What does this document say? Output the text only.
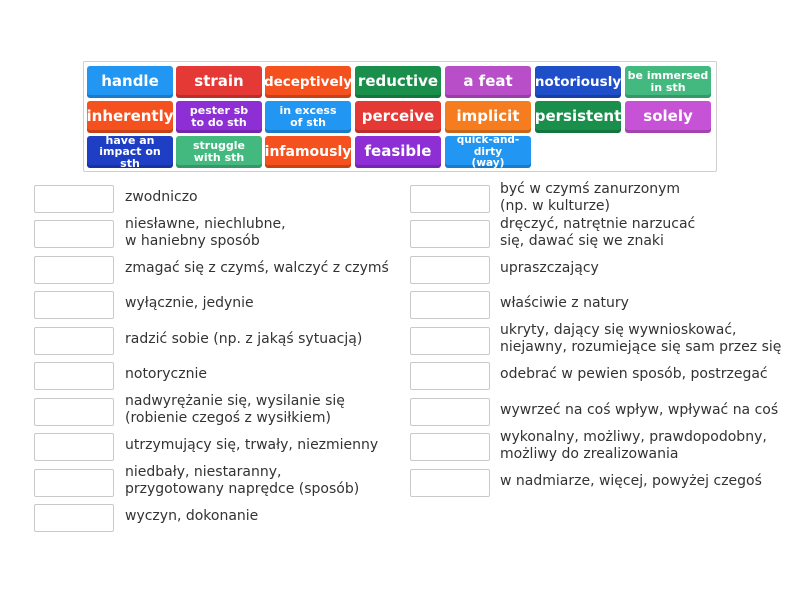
handle	strain	deceptively reductive	a feat	notoriously be immersed
in sth
inherently	pester sb
to do sth
in excess
of sth	perceive	implicit	persistent	solely
have an
impact on sth
struggle
with sth	infamously feasible
quick-and-dirty
(way)
zwodniczo
niesławne, niechlubne,
w haniebny sposób
zmagać się z czymś, walczyć z czymś
wyłącznie, jedynie
radzić sobie (np. z jakąś sytuacją)
notorycznie
nadwyrężanie się, wysilanie się
(robienie czegoś z wysiłkiem)
utrzymujący się, trwały, niezmienny
niedbały, niestaranny,
przygotowany naprędce (sposób)
wyczyn, dokonanie
być w czymś zanurzonym
(np. w kulturze)
dręczyć, natrętnie narzucać
się, dawać się we znaki
upraszczający
właściwie z natury
ukryty, dający się wywnioskować,
niejawny, rozumiejące się sam przez się
odebrać w pewien sposób, postrzegać
wywrzeć na coś wpływ, wpływać na coś
wykonalny, możliwy, prawdopodobny,
możliwy do zrealizowania
w nadmiarze, więcej, powyżej czegoś
